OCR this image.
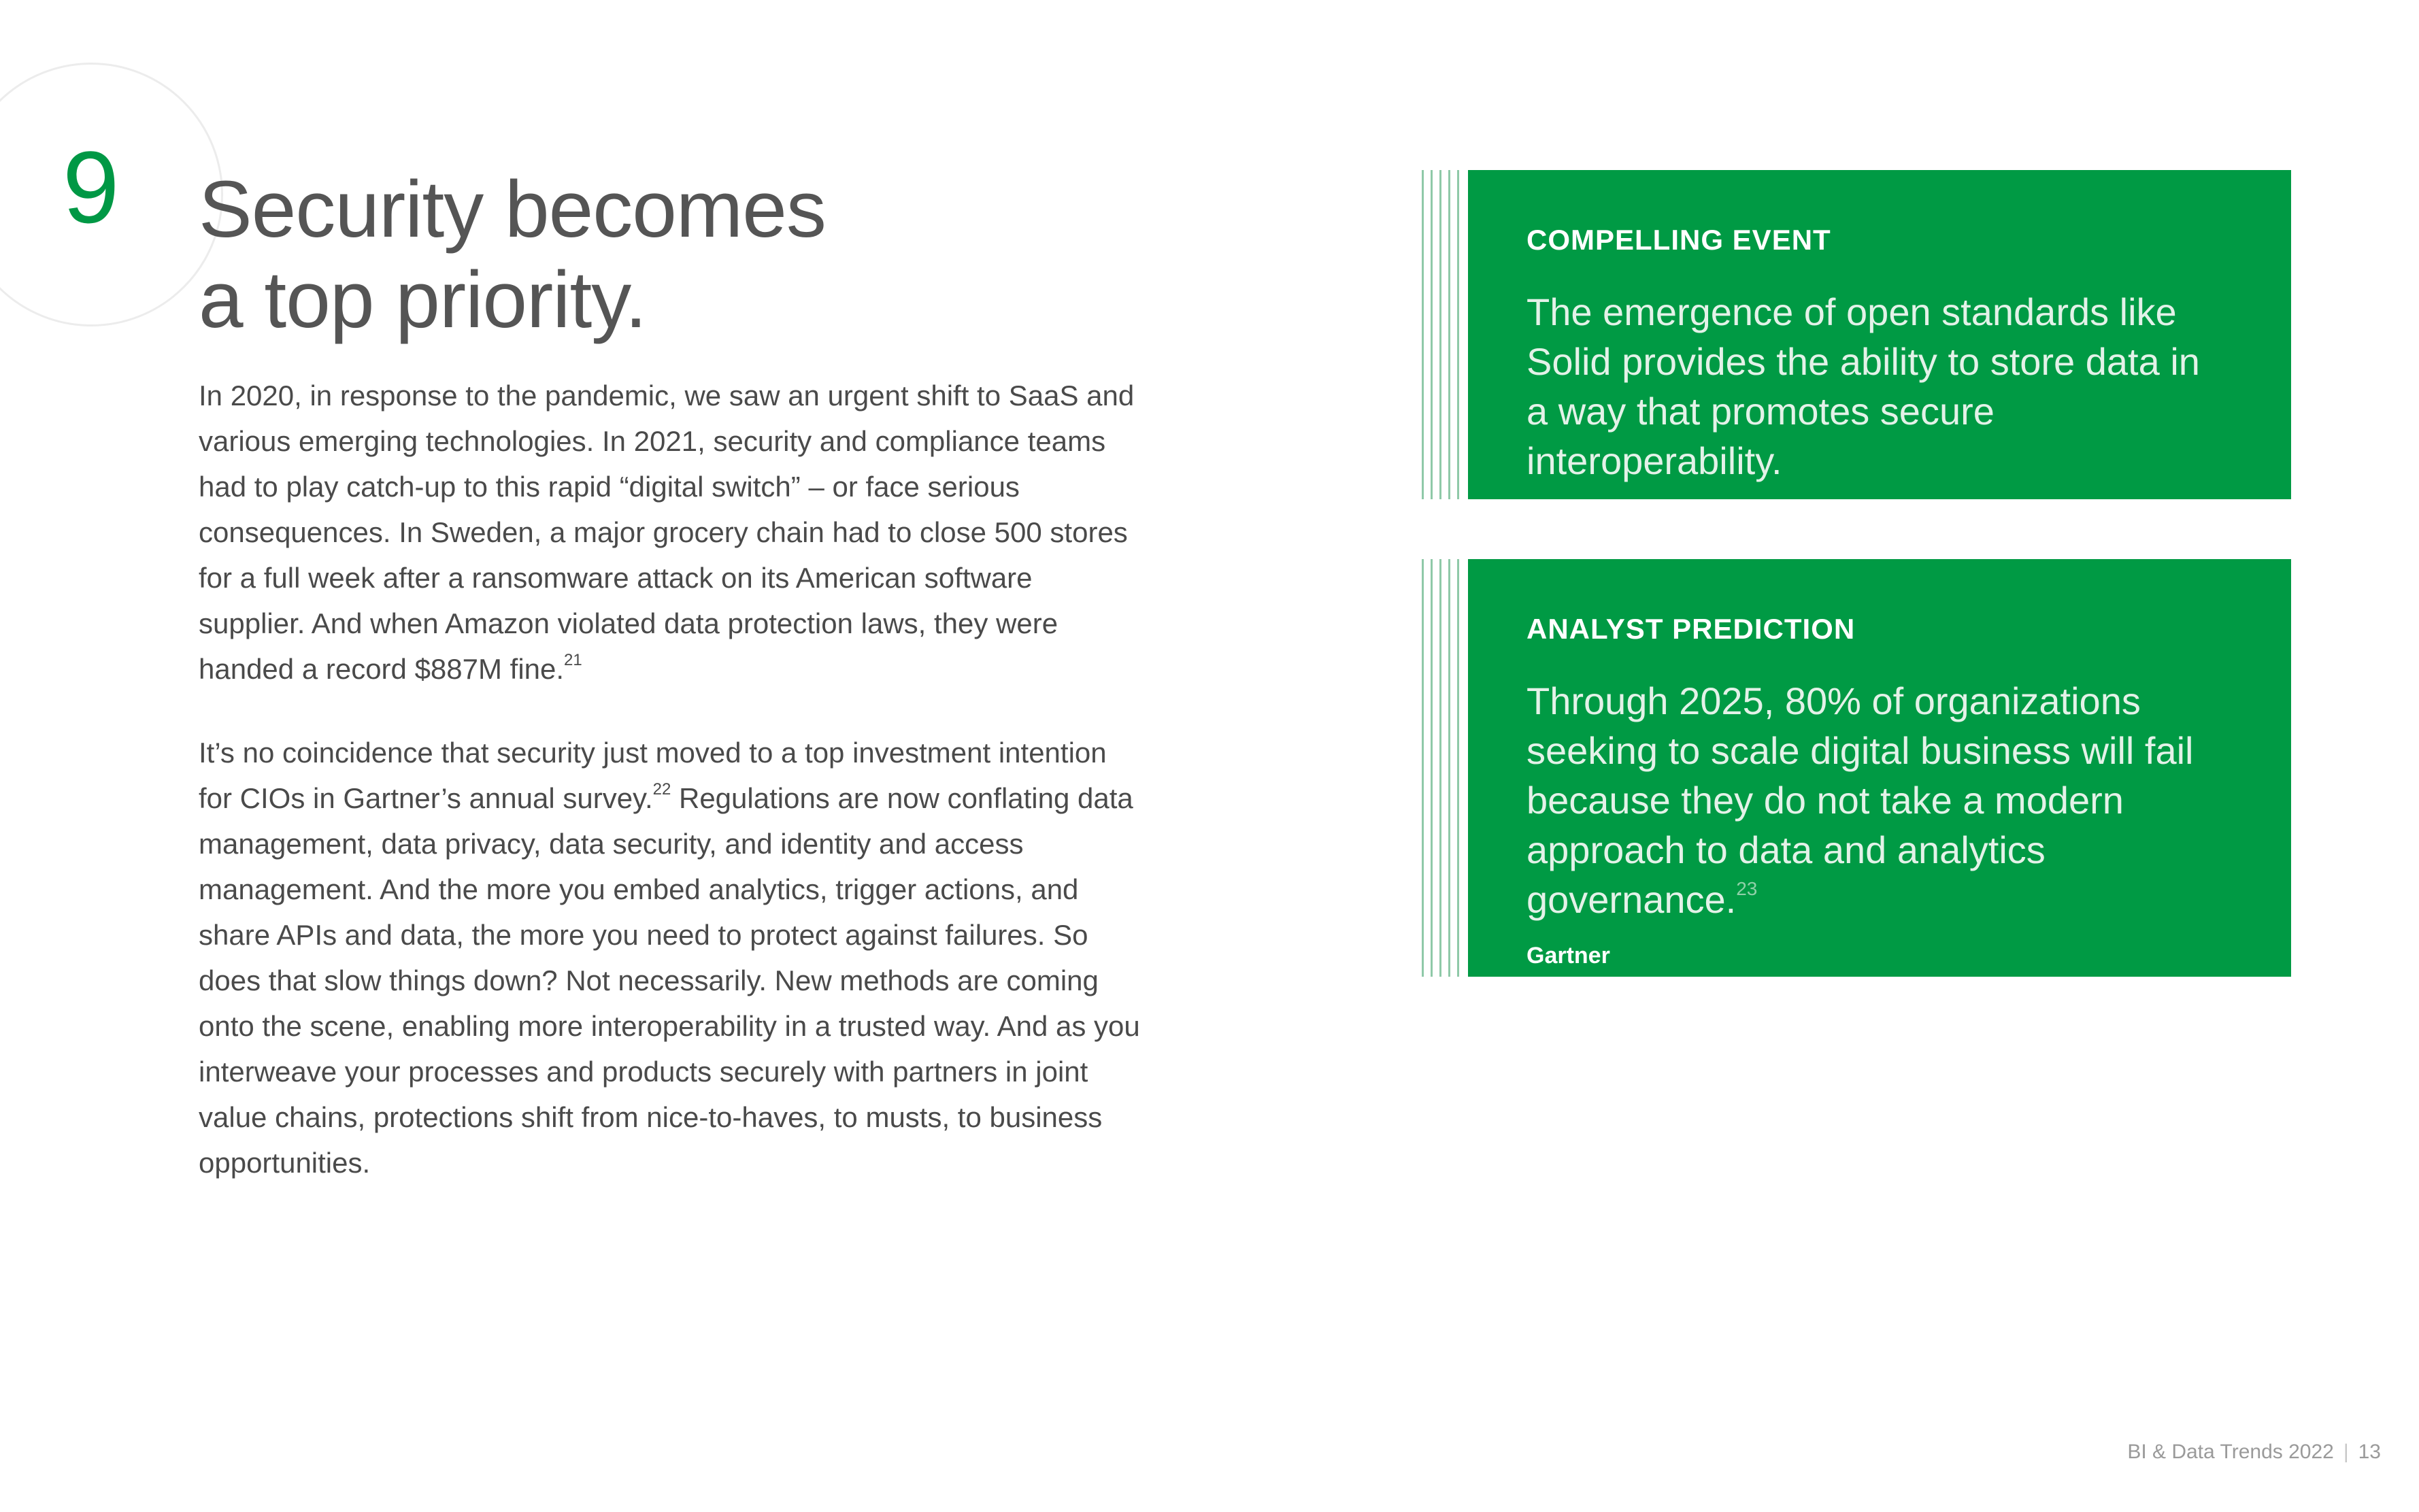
9 Security becomes
a top priority.

In 2020, in response to the pandemic, we saw an urgent shift to SaaS and various emerging technologies. In 2021, security and compliance teams had to play catch-up to this rapid “digital switch” – or face serious consequences. In Sweden, a major grocery chain had to close 500 stores for a full week after a ransomware attack on its American software supplier. And when Amazon violated data protection laws, they were handed a record $887M fine.$^{21}$

It’s no coincidence that security just moved to a top investment intention for CIOs in Gartner’s annual survey.$^{22}$ Regulations are now conflating data management, data privacy, data security, and identity and access management. And the more you embed analytics, trigger actions, and share APIs and data, the more you need to protect against failures. So does that slow things down? Not necessarily. New methods are coming onto the scene, enabling more interoperability in a trusted way. And as you interweave your processes and products securely with partners in joint value chains, protections shift from nice-to-haves, to musts, to business opportunities.

COMPELLING EVENT

The emergence of open standards like Solid provides the ability to store data in a way that promotes secure interoperability.

ANALYST PREDICTION

Through 2025, 80% of organizations seeking to scale digital business will fail because they do not take a modern approach to data and analytics governance.$^{23}$

Gartner
BI & Data Trends 2022 | 13
